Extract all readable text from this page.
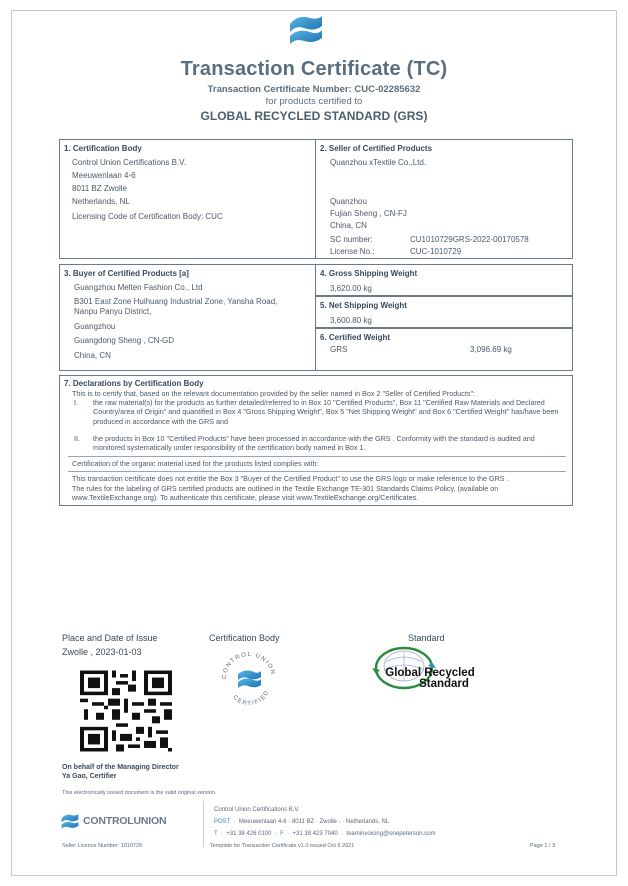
Transaction Certificate (TC)
Transaction Certificate Number: CUC-02285632
for products certified to
GLOBAL RECYCLED STANDARD (GRS)
1. Certification Body
Control Union Certifications B.V.
Meeuwenlaan 4-6
8011 BZ Zwolle
Netherlands, NL
Licensing Code of Certification Body: CUC
2. Seller of Certified Products
Quanzhou xTextile Co.,Ltd.
Quanzhou
Fujian Sheng , CN-FJ
China, CN
SC number:	CU1010729GRS-2022-00170578
License No.:	CUC-1010729
3. Buyer of Certified Products [a]
Guangzhou Melten Fashion Co., Ltd
B301 East Zone Huihuang Industrial Zone, Yansha Road,
Nanpu Panyu District,
Guangzhou
Guangdong Sheng , CN-GD
China, CN
4. Gross Shipping Weight
3,620.00 kg
5. Net Shipping Weight
3,600.80 kg
6. Certified Weight
GRS	3,096.69 kg
7. Declarations by Certification Body
This is to certify that, based on the relevant documentation provided by the seller named in Box 2 "Seller of Certified Products":
I. the raw material(s) for the products as further detailed/referred to in Box 10 "Certified Products", Box 11 "Certified Raw Materials and Declared Country/area of Origin" and quantified in Box 4 "Gross Shipping Weight", Box 5 "Net Shipping Weight" and Box 6 "Certified Weight" has/have been produced in accordance with the GRS and
II. the products in Box 10 "Certified Products" have been processed in accordance with the GRS . Conformity with the standard is audited and monitored systematically under responsibility of the certification body named in Box 1.
Certification of the organic material used for the products listed complies with:
This transaction certificate does not entitle the Box 3 "Buyer of the Certified Product" to use the GRS logo or make reference to the GRS .
The rules for the labeling of GRS certified products are outlined in the Textile Exchange TE-301 Standards Claims Policy, (available on www.TextileExchange.org). To authenticate this certificate, please visit www.TextileExchange.org/Certificates.
Place and Date of Issue
Zwolle , 2023-01-03
Certification Body	Standard
CONTROL UNION
CERTIFIED
Global Recycled
Standard
On behalf of the Managing Director
Ya Gao, Certifier
This electronically issued document is the valid original version.
CONTROLUNION
Control Union Certifications B.V.
POST  ·  Meeuwenlaan 4-6 · 8011 BZ · Zwolle · · Netherlands, NL
T  ·  +31 38 426 0100  ·  F  ·  +31 38 423 7040  ·  teaminvoicing@onepeterson.com
Seller Licence Number: 1010729	Template for Transaction Certificate v1.0 issued Oct 6 2021	Page 1 / 3
